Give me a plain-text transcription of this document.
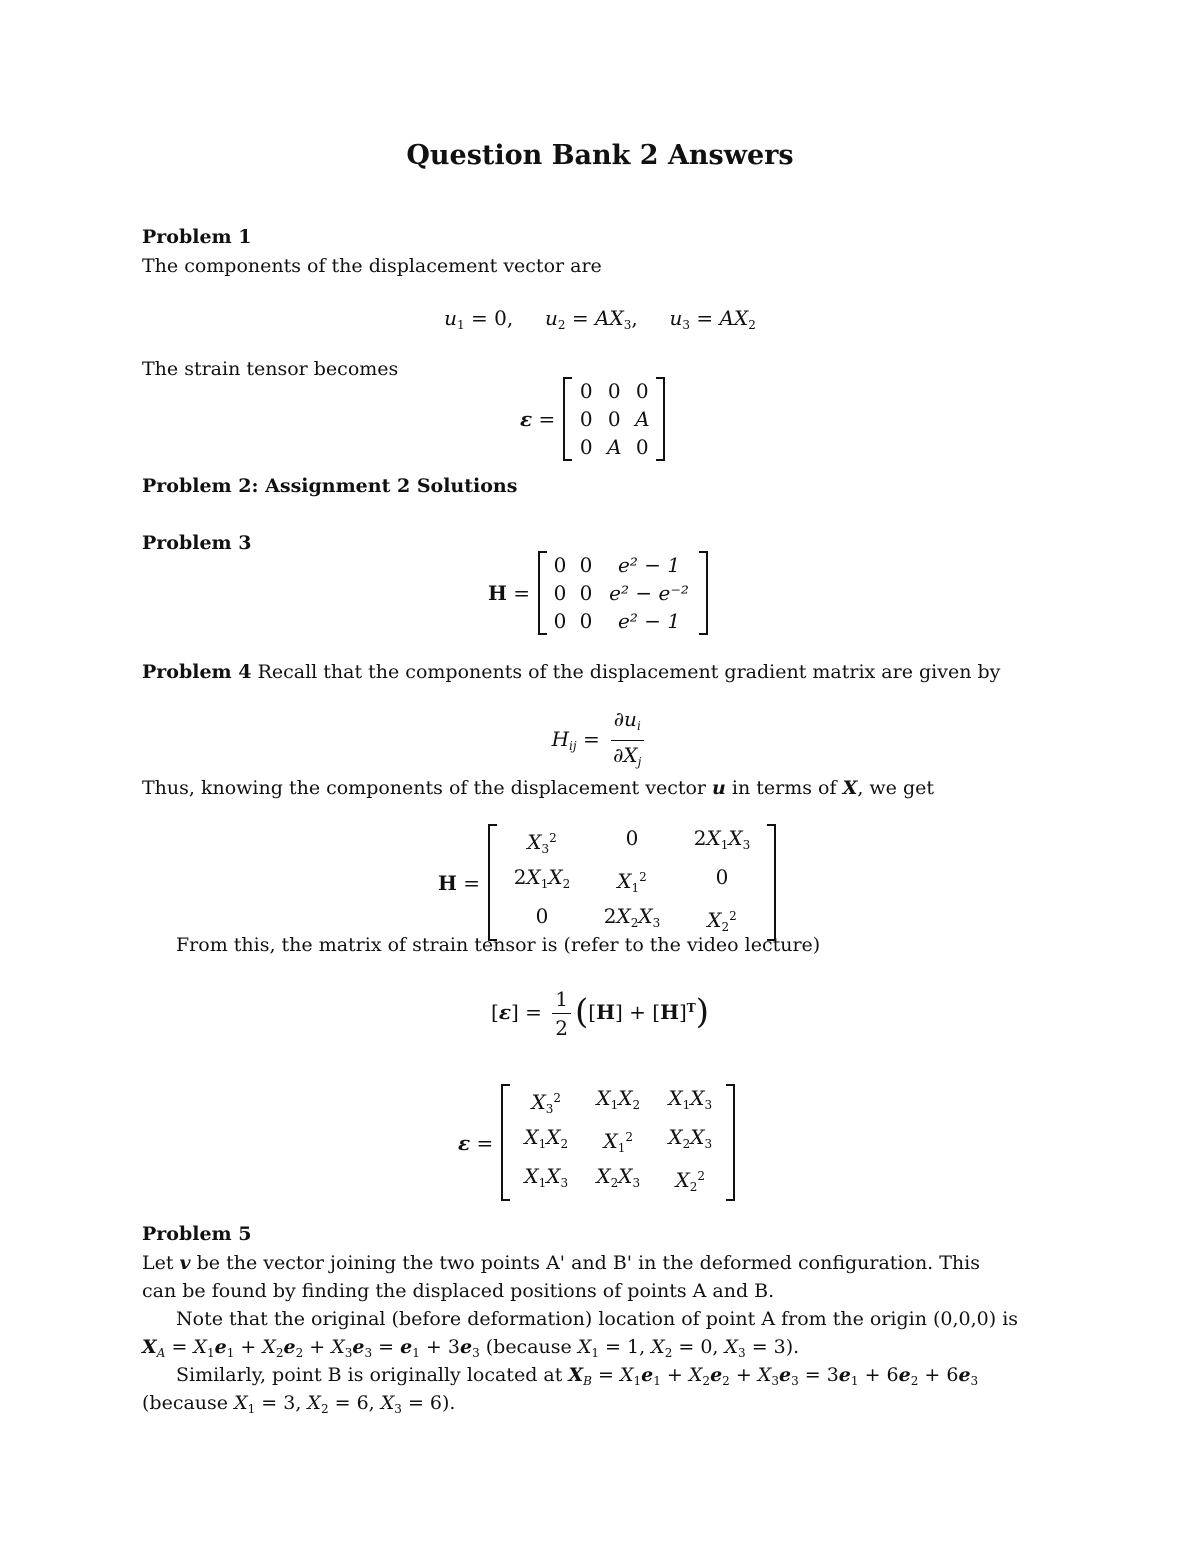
Question Bank 2 Answers
Problem 1
The components of the displacement vector are
$u_1 = 0$,     $u_2 = AX_3$,     $u_3 = AX_2$
The strain tensor becomes
ε =
0 0 0
0 0 A
0 A 0
Problem 2: Assignment 2 Solutions
Problem 3
H =
0 0	e² − 1
0 0 e² − e⁻²
0 0	e² − 1
Problem 4 Recall that the components of the displacement gradient matrix are given by
$H_{ij} = \frac{\partial u_i}{\partial X_j}$
Thus, knowing the components of the displacement vector u in terms of X, we get
H =
$X_3^2$	0	$2X_1X_3$
$2X_1X_2$	$X_1^2$	0
0	$2X_2X_3$	$X_2^2$
From this, the matrix of strain tensor is (refer to the video lecture)
$[\varepsilon] = \frac{1}{2} ([H] + [H]^T)$
ε =
$X_3^2$	$X_1X_2$	$X_1X_3$
$X_1X_2$	$X_1^2$	$X_2X_3$
$X_1X_3$	$X_2X_3$	$X_2^2$
Problem 5
Let v be the vector joining the two points A' and B' in the deformed configuration. This
can be found by finding the displaced positions of points A and B.
Note that the original (before deformation) location of point A from the origin (0,0,0) is
$X_A = X_1e_1 + X_2e_2 + X_3e_3 = e_1 + 3e_3$ (because $X_1 = 1$, $X_2 = 0$, $X_3 = 3$).
Similarly, point B is originally located at $X_B = X_1e_1 + X_2e_2 + X_3e_3 = 3e_1 + 6e_2 + 6e_3$
(because $X_1 = 3$, $X_2 = 6$, $X_3 = 6$).
